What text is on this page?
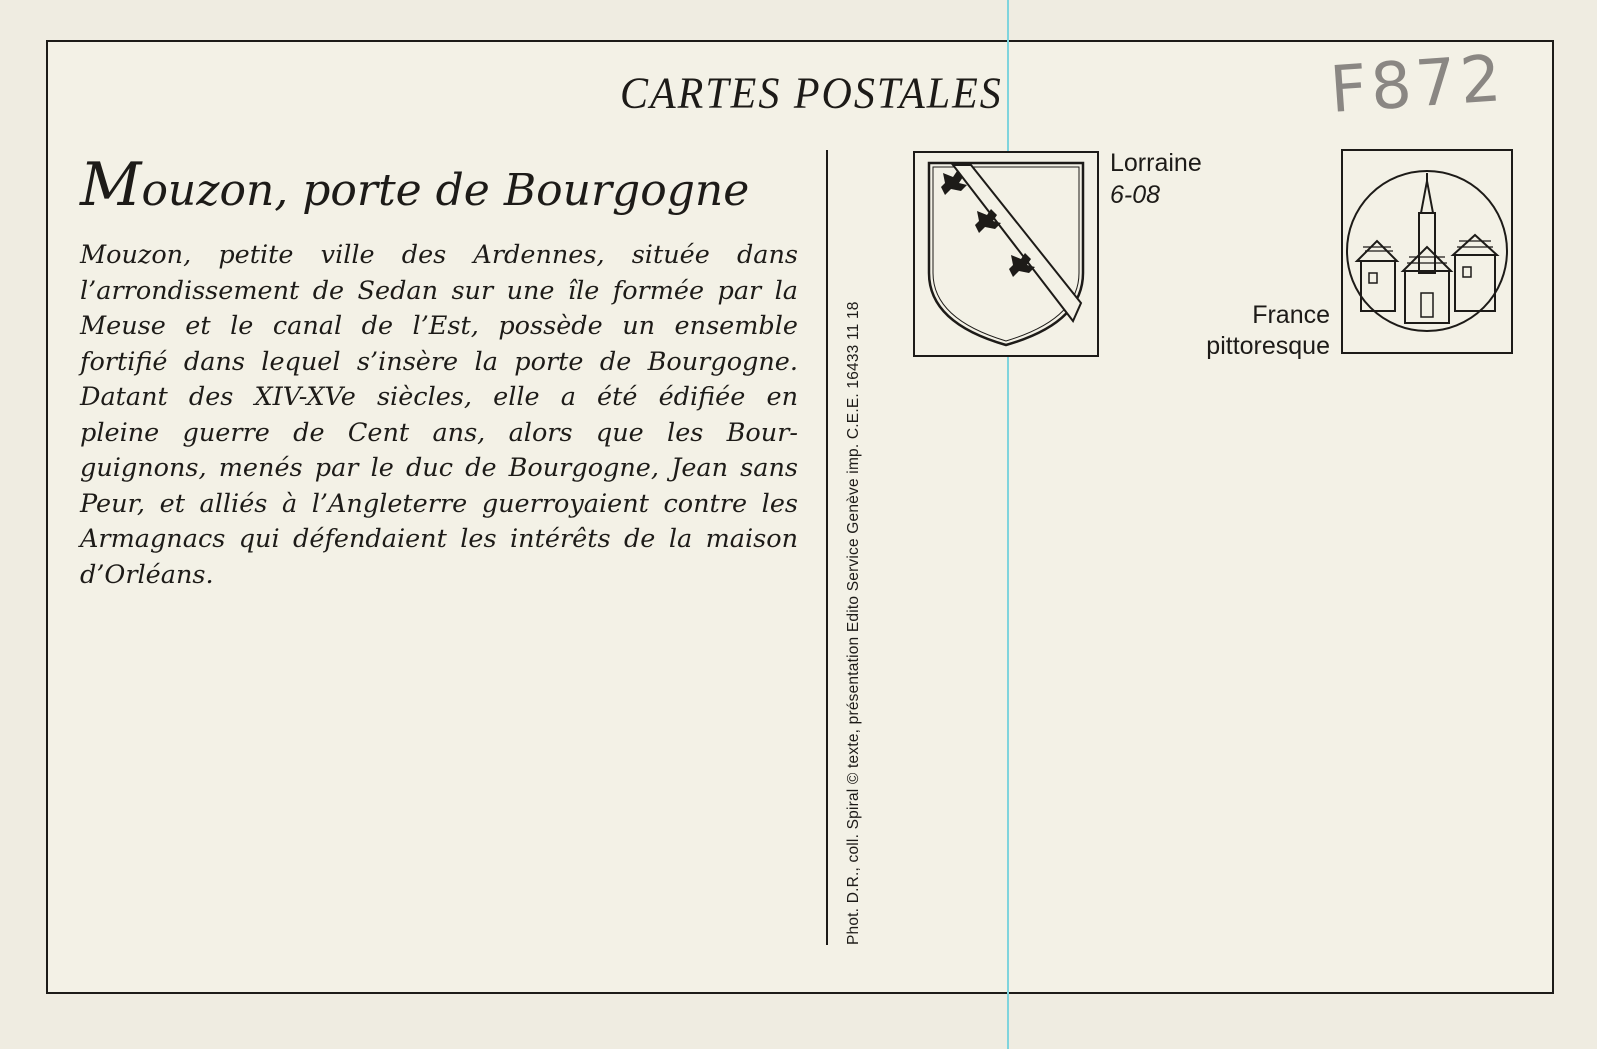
CARTES POSTALES	F872
Mouzon, porte de Bourgogne
Mouzon, petite ville des Ardennes, située dans
l’arrondissement de Sedan sur une île formée par la
Meuse et le canal de l’Est, possède un ensemble
fortifié dans lequel s’insère la porte de Bourgogne.
Datant des XIV-XVe siècles, elle a été édifiée en
pleine guerre de Cent ans, alors que les Bour-
guignons, menés par le duc de Bourgogne, Jean sans
Peur, et alliés à l’Angleterre guerroyaient contre les
Armagnacs qui défendaient les intérêts de la maison
d’Orléans.	Phot. D.R., coll. Spiral © texte, présentation Edito Service Genève imp. C.E.E. 16433 11 18
Lorraine
6-08
France
pittoresque
